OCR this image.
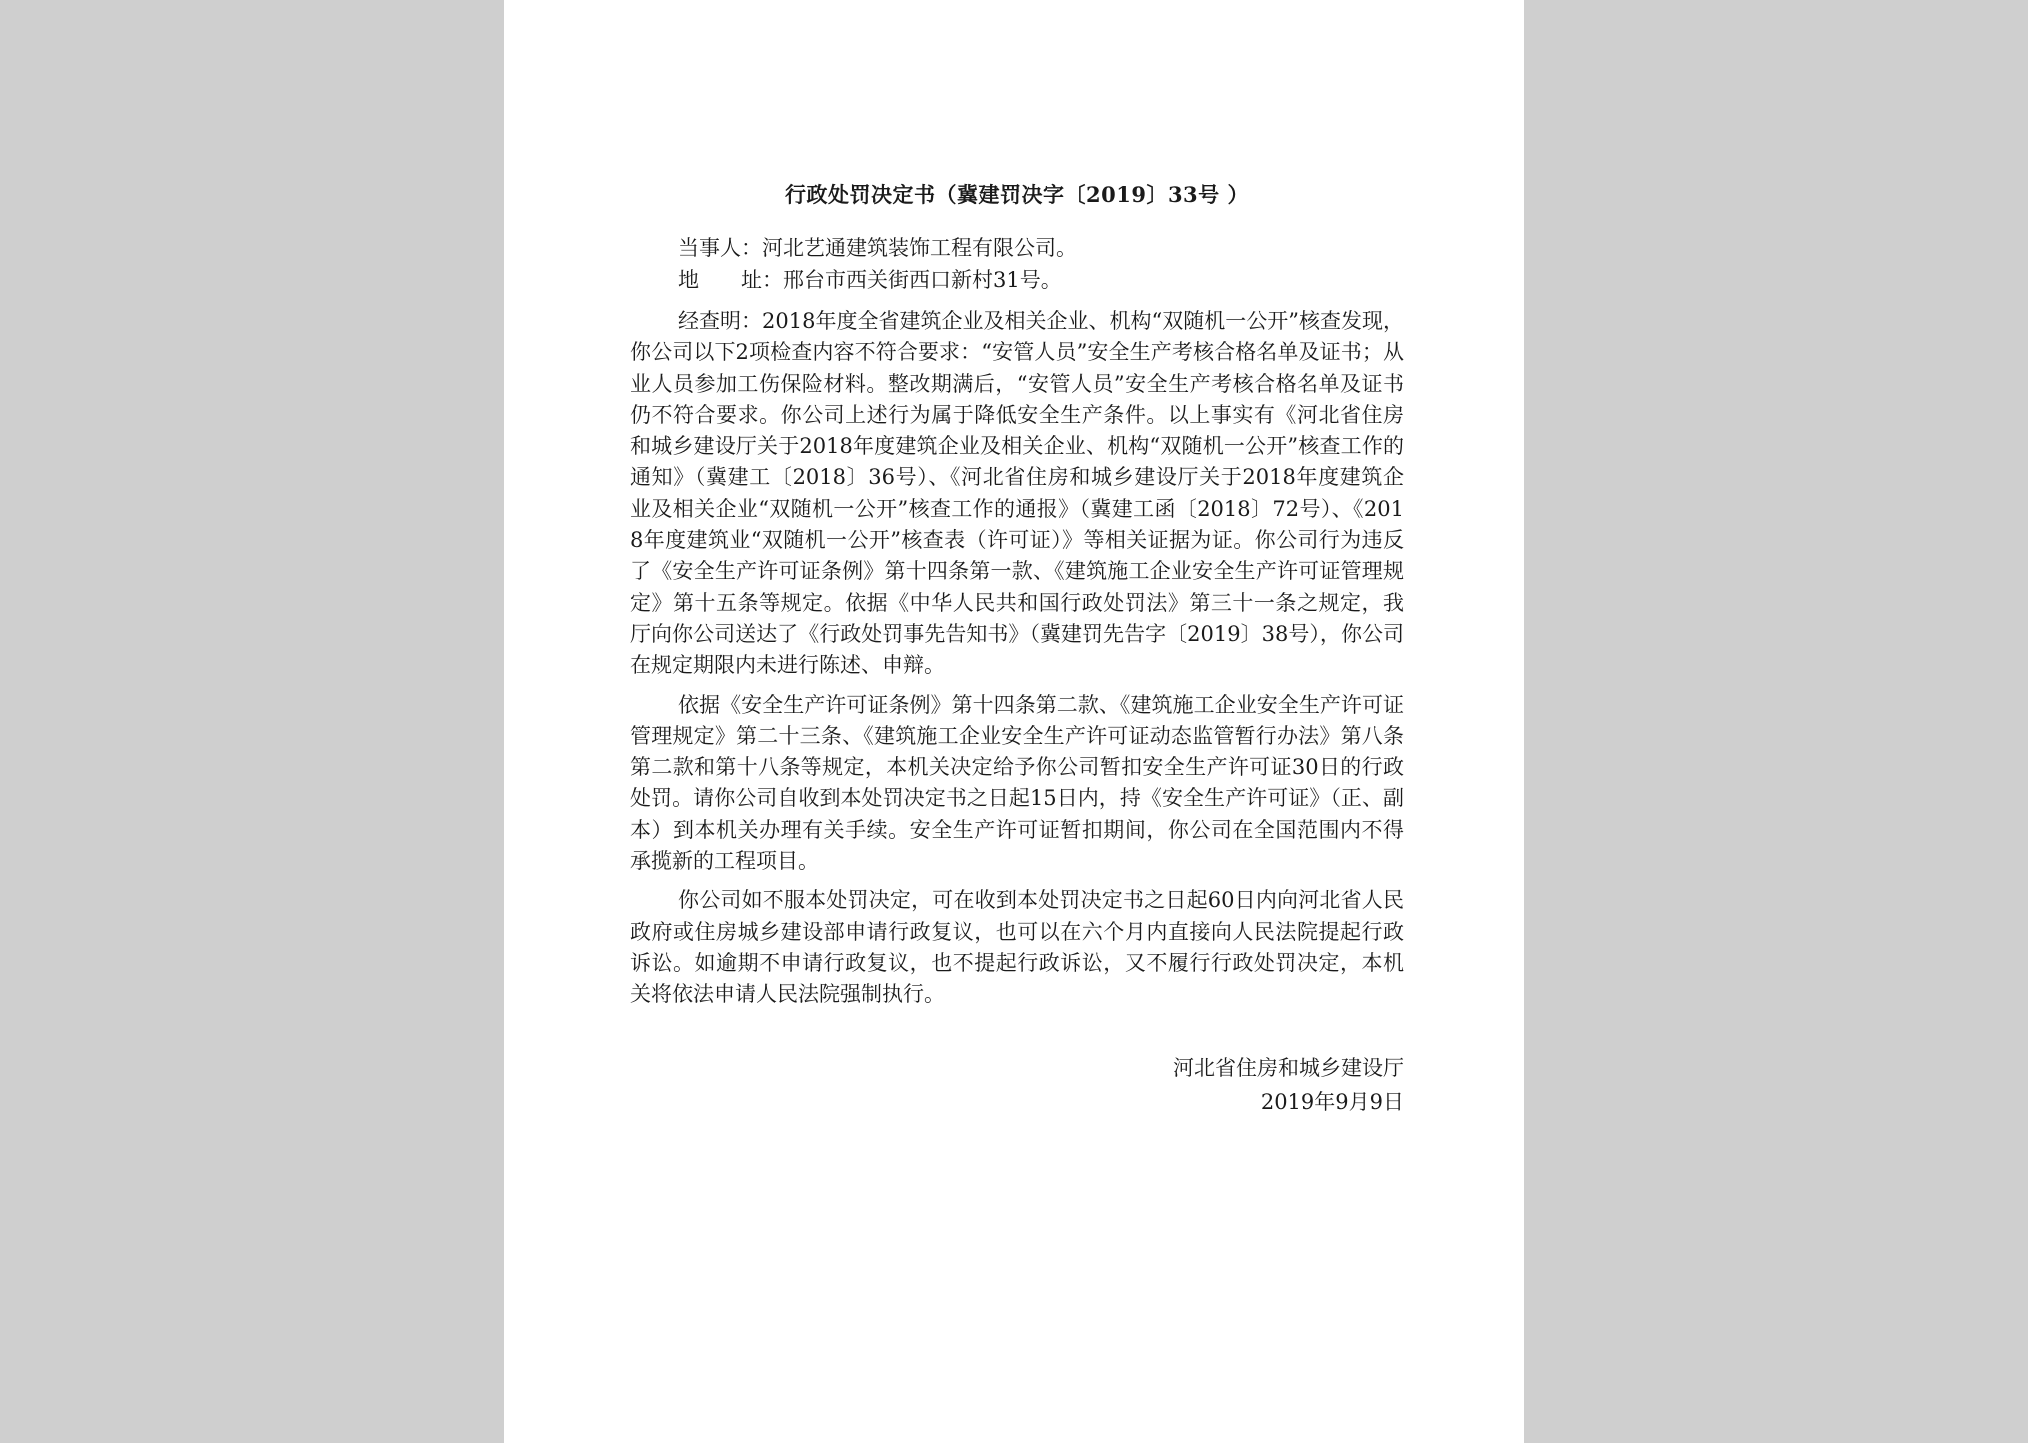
行政处罚决定书（冀建罚决字〔2019〕33号 ）

当事人：河北艺通建筑装饰工程有限公司。

地　　址：邢台市西关街西口新村31号。

经查明：2018年度全省建筑企业及相关企业、机构“双随机一公开”核查发现，你公司以下2项检查内容不符合要求：“安管人员”安全生产考核合格名单及证书；从业人员参加工伤保险材料。整改期满后，“安管人员”安全生产考核合格名单及证书仍不符合要求。你公司上述行为属于降低安全生产条件。以上事实有《河北省住房和城乡建设厅关于2018年度建筑企业及相关企业、机构“双随机一公开”核查工作的通知》（冀建工〔2018〕36号）、《河北省住房和城乡建设厅关于2018年度建筑企业及相关企业“双随机一公开”核查工作的通报》（冀建工函〔2018〕72号）、《2018年度建筑业“双随机一公开”核查表（许可证）》等相关证据为证。你公司行为违反了《安全生产许可证条例》第十四条第一款、《建筑施工企业安全生产许可证管理规定》第十五条等规定。依据《中华人民共和国行政处罚法》第三十一条之规定，我厅向你公司送达了《行政处罚事先告知书》（冀建罚先告字〔2019〕38号），你公司在规定期限内未进行陈述、申辩。

依据《安全生产许可证条例》第十四条第二款、《建筑施工企业安全生产许可证管理规定》第二十三条、《建筑施工企业安全生产许可证动态监管暂行办法》第八条第二款和第十八条等规定，本机关决定给予你公司暂扣安全生产许可证30日的行政处罚。请你公司自收到本处罚决定书之日起15日内，持《安全生产许可证》（正、副本）到本机关办理有关手续。安全生产许可证暂扣期间，你公司在全国范围内不得承揽新的工程项目。

你公司如不服本处罚决定，可在收到本处罚决定书之日起60日内向河北省人民政府或住房城乡建设部申请行政复议，也可以在六个月内直接向人民法院提起行政诉讼。如逾期不申请行政复议，也不提起行政诉讼，又不履行行政处罚决定，本机关将依法申请人民法院强制执行。

河北省住房和城乡建设厅

2019年9月9日
